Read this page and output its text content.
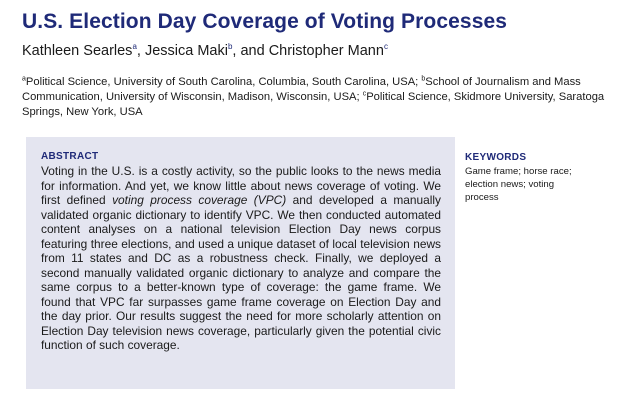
U.S. Election Day Coverage of Voting Processes
Kathleen Searles$^a$, Jessica Maki$^b$, and Christopher Mann$^c$
$^a$Political Science, University of South Carolina, Columbia, South Carolina, USA; $^b$School of Journalism and Mass Communication, University of Wisconsin, Madison, Wisconsin, USA; $^c$Political Science, Skidmore University, Saratoga Springs, New York, USA
ABSTRACT

Voting in the U.S. is a costly activity, so the public looks to the news media for information. And yet, we know little about news coverage of voting. We first defined voting process coverage (VPC) and developed a manually validated organic dictionary to identify VPC. We then conducted automated content analyses on a national television Election Day news corpus featuring three elections, and used a unique dataset of local television news from 11 states and DC as a robustness check. Finally, we deployed a second manually validated organic dictionary to analyze and compare the same corpus to a better-known type of coverage: the game frame. We found that VPC far surpasses game frame coverage on Election Day and the day prior. Our results suggest the need for more scholarly attention on Election Day television news coverage, particularly given the potential civic function of such coverage.

KEYWORDS
Game frame; horse race; election news; voting process
